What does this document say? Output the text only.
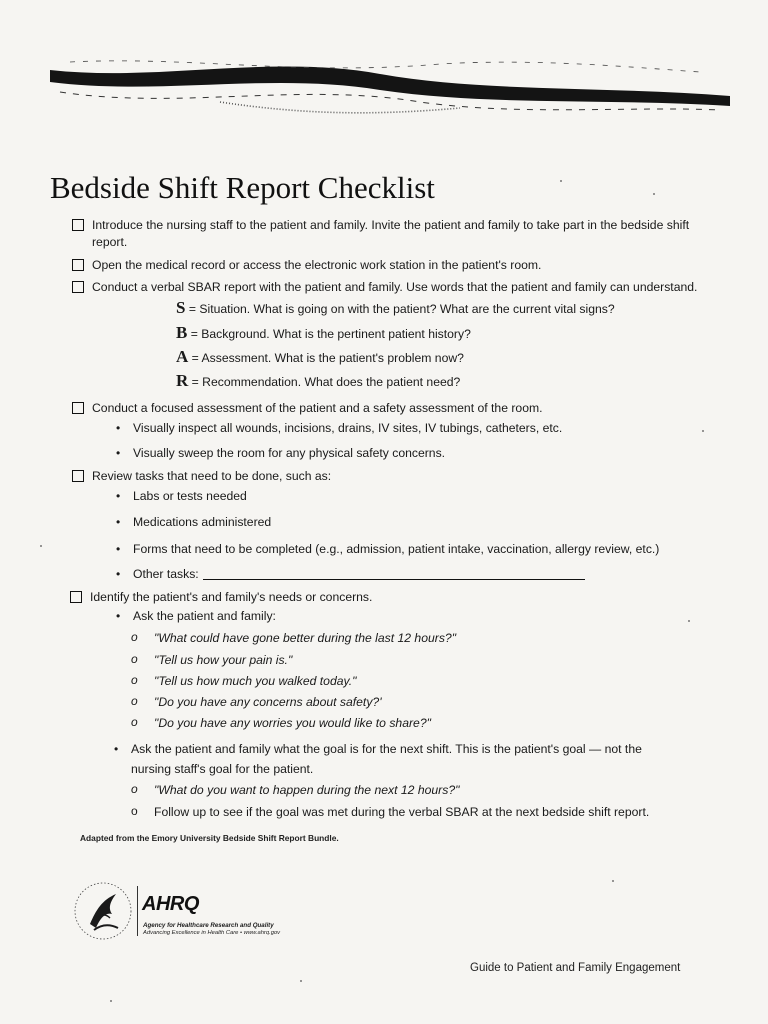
Bedside Shift Report Checklist
Introduce the nursing staff to the patient and family. Invite the patient and family to take part in the bedside shift
report.
Open the medical record or access the electronic work station in the patient's room.
Conduct a verbal SBAR report with the patient and family. Use words that the patient and family can understand.
S = Situation. What is going on with the patient? What are the current vital signs?
B = Background. What is the pertinent patient history?
A = Assessment. What is the patient's problem now?
R = Recommendation. What does the patient need?
Conduct a focused assessment of the patient and a safety assessment of the room.
• Visually inspect all wounds, incisions, drains, IV sites, IV tubings, catheters, etc.
• Visually sweep the room for any physical safety concerns.
Review tasks that need to be done, such as:
• Labs or tests needed
• Medications administered
• Forms that need to be completed (e.g., admission, patient intake, vaccination, allergy review, etc.)
• Other tasks:
Identify the patient's and family's needs or concerns.
• Ask the patient and family:
o "What could have gone better during the last 12 hours?"
o "Tell us how your pain is."
o "Tell us how much you walked today."
o "Do you have any concerns about safety?'
o "Do you have any worries you would like to share?"
• Ask the patient and family what the goal is for the next shift. This is the patient's goal — not the
nursing staff's goal for the patient.
o "What do you want to happen during the next 12 hours?"
o Follow up to see if the goal was met during the verbal SBAR at the next bedside shift report.
Adapted from the Emory University Bedside Shift Report Bundle.
AHRQ
Agency for Healthcare Research and Quality
Advancing Excellence in Health Care • www.ahrq.gov
Guide to Patient and Family Engagement
